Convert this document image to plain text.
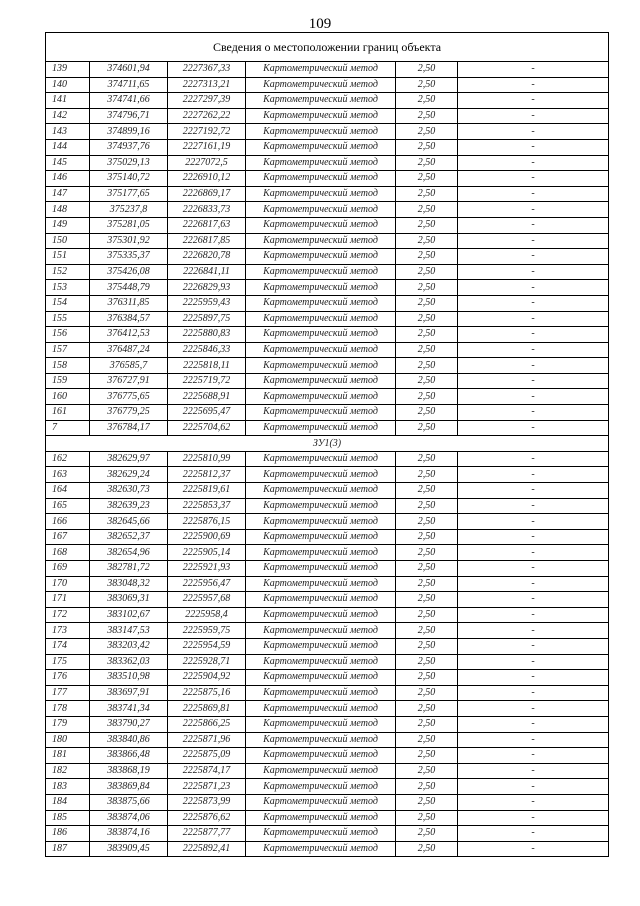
109
Сведения о местоположении границ объекта					
139	374601,94	2227367,33	Картометрический метод	2,50	-
140	374711,65	2227313,21	Картометрический метод	2,50	-
141	374741,66	2227297,39	Картометрический метод	2,50	-
142	374796,71	2227262,22	Картометрический метод	2,50	-
143	374899,16	2227192,72	Картометрический метод	2,50	-
144	374937,76	2227161,19	Картометрический метод	2,50	-
145	375029,13	2227072,5	Картометрический метод	2,50	-
146	375140,72	2226910,12	Картометрический метод	2,50	-
147	375177,65	2226869,17	Картометрический метод	2,50	-
148	375237,8	2226833,73	Картометрический метод	2,50	-
149	375281,05	2226817,63	Картометрический метод	2,50	-
150	375301,92	2226817,85	Картометрический метод	2,50	-
151	375335,37	2226820,78	Картометрический метод	2,50	-
152	375426,08	2226841,11	Картометрический метод	2,50	-
153	375448,79	2226829,93	Картометрический метод	2,50	-
154	376311,85	2225959,43	Картометрический метод	2,50	-
155	376384,57	2225897,75	Картометрический метод	2,50	-
156	376412,53	2225880,83	Картометрический метод	2,50	-
157	376487,24	2225846,33	Картометрический метод	2,50	-
158	376585,7	2225818,11	Картометрический метод	2,50	-
159	376727,91	2225719,72	Картометрический метод	2,50	-
160	376775,65	2225688,91	Картометрический метод	2,50	-
161	376779,25	2225695,47	Картометрический метод	2,50	-
7	376784,17	2225704,62	Картометрический метод	2,50	-
ЗУ1(3)					
162	382629,97	2225810,99	Картометрический метод	2,50	-
163	382629,24	2225812,37	Картометрический метод	2,50	-
164	382630,73	2225819,61	Картометрический метод	2,50	-
165	382639,23	2225853,37	Картометрический метод	2,50	-
166	382645,66	2225876,15	Картометрический метод	2,50	-
167	382652,37	2225900,69	Картометрический метод	2,50	-
168	382654,96	2225905,14	Картометрический метод	2,50	-
169	382781,72	2225921,93	Картометрический метод	2,50	-
170	383048,32	2225956,47	Картометрический метод	2,50	-
171	383069,31	2225957,68	Картометрический метод	2,50	-
172	383102,67	2225958,4	Картометрический метод	2,50	-
173	383147,53	2225959,75	Картометрический метод	2,50	-
174	383203,42	2225954,59	Картометрический метод	2,50	-
175	383362,03	2225928,71	Картометрический метод	2,50	-
176	383510,98	2225904,92	Картометрический метод	2,50	-
177	383697,91	2225875,16	Картометрический метод	2,50	-
178	383741,34	2225869,81	Картометрический метод	2,50	-
179	383790,27	2225866,25	Картометрический метод	2,50	-
180	383840,86	2225871,96	Картометрический метод	2,50	-
181	383866,48	2225875,09	Картометрический метод	2,50	-
182	383868,19	2225874,17	Картометрический метод	2,50	-
183	383869,84	2225871,23	Картометрический метод	2,50	-
184	383875,66	2225873,99	Картометрический метод	2,50	-
185	383874,06	2225876,62	Картометрический метод	2,50	-
186	383874,16	2225877,77	Картометрический метод	2,50	-
187	383909,45	2225892,41	Картометрический метод	2,50	-
